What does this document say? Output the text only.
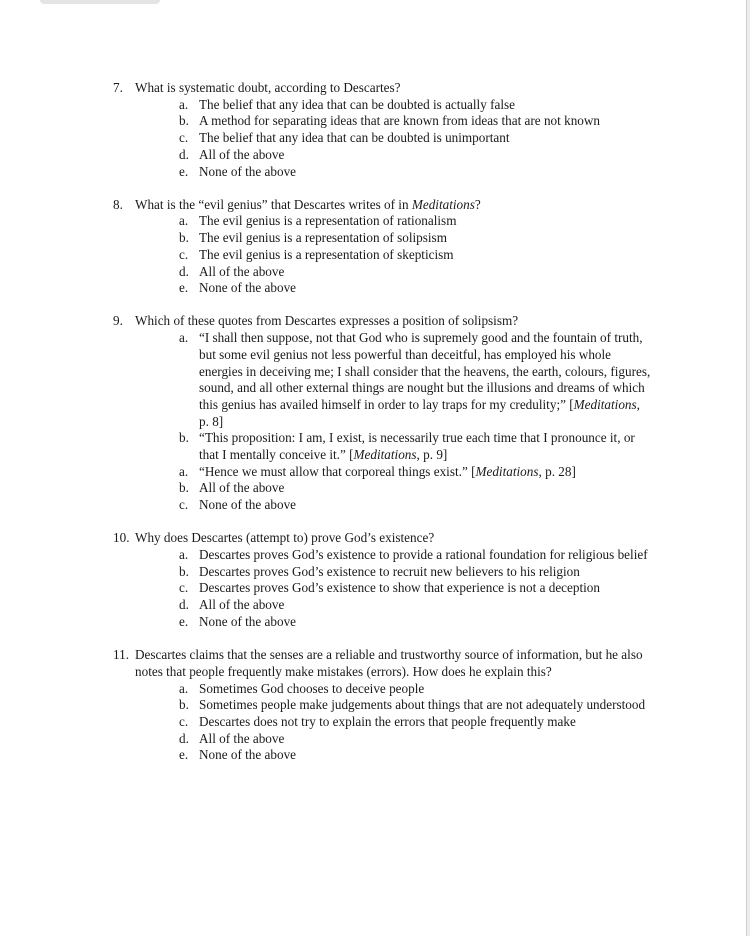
7. What is systematic doubt, according to Descartes?
a. The belief that any idea that can be doubted is actually false
b. A method for separating ideas that are known from ideas that are not known
c. The belief that any idea that can be doubted is unimportant
d. All of the above
e. None of the above
8. What is the “evil genius” that Descartes writes of in Meditations?
a. The evil genius is a representation of rationalism
b. The evil genius is a representation of solipsism
c. The evil genius is a representation of skepticism
d. All of the above
e. None of the above
9. Which of these quotes from Descartes expresses a position of solipsism?
a. “I shall then suppose, not that God who is supremely good and the fountain of truth, but some evil genius not less powerful than deceitful, has employed his whole energies in deceiving me; I shall consider that the heavens, the earth, colours, figures, sound, and all other external things are nought but the illusions and dreams of which this genius has availed himself in order to lay traps for my credulity;” [Meditations, p. 8]
b. “This proposition: I am, I exist, is necessarily true each time that I pronounce it, or that I mentally conceive it.” [Meditations, p. 9]
a. “Hence we must allow that corporeal things exist.” [Meditations, p. 28]
b. All of the above
c. None of the above
10. Why does Descartes (attempt to) prove God’s existence?
a. Descartes proves God’s existence to provide a rational foundation for religious belief
b. Descartes proves God’s existence to recruit new believers to his religion
c. Descartes proves God’s existence to show that experience is not a deception
d. All of the above
e. None of the above
11. Descartes claims that the senses are a reliable and trustworthy source of information, but he also notes that people frequently make mistakes (errors). How does he explain this?
a. Sometimes God chooses to deceive people
b. Sometimes people make judgements about things that are not adequately understood
c. Descartes does not try to explain the errors that people frequently make
d. All of the above
e. None of the above
